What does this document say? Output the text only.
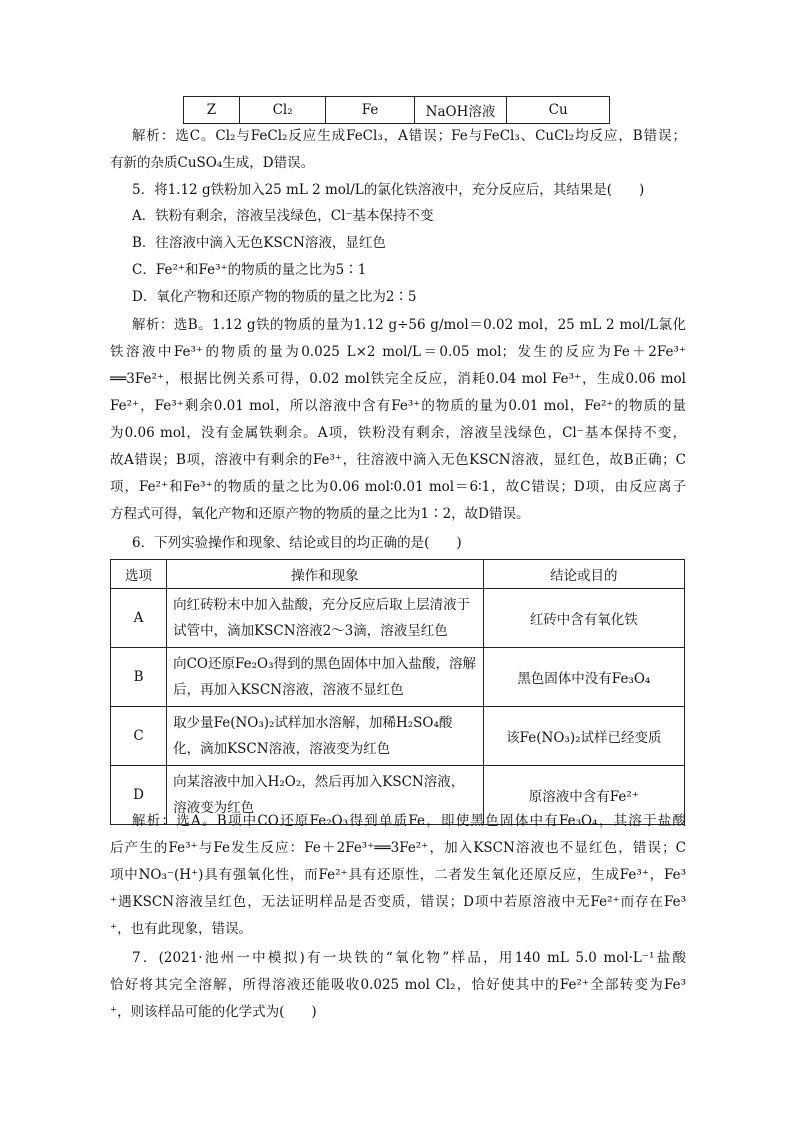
Z	Cl₂	Fe	NaOH溶液	Cu
解析：选C。Cl₂与FeCl₂反应生成FeCl₃，A错误；Fe与FeCl₃、CuCl₂均反应，B错误；
有新的杂质CuSO₄生成，D错误。
5．将1.12 g铁粉加入25 mL 2 mol/L的氯化铁溶液中，充分反应后，其结果是(　　)
A．铁粉有剩余，溶液呈浅绿色，Cl⁻基本保持不变
B．往溶液中滴入无色KSCN溶液，显红色
C．Fe²⁺和Fe³⁺的物质的量之比为5∶1
D．氧化产物和还原产物的物质的量之比为2∶5
解析：选B。1.12 g铁的物质的量为1.12 g÷56 g/mol＝0.02 mol，25 mL 2 mol/L氯化
铁溶液中Fe³⁺的物质的量为0.025 L×2 mol/L＝0.05 mol；发生的反应为Fe＋2Fe³⁺
══3Fe²⁺，根据比例关系可得，0.02 mol铁完全反应，消耗0.04 mol Fe³⁺，生成0.06 mol
Fe²⁺，Fe³⁺剩余0.01 mol，所以溶液中含有Fe³⁺的物质的量为0.01 mol，Fe²⁺的物质的量
为0.06 mol，没有金属铁剩余。A项，铁粉没有剩余，溶液呈浅绿色，Cl⁻基本保持不变，
故A错误；B项，溶液中有剩余的Fe³⁺，往溶液中滴入无色KSCN溶液，显红色，故B正确；C
项，Fe²⁺和Fe³⁺的物质的量之比为0.06 mol∶0.01 mol＝6∶1，故C错误；D项，由反应离子
方程式可得，氧化产物和还原产物的物质的量之比为1∶2，故D错误。
6．下列实验操作和现象、结论或目的均正确的是(　　)
选项	操作和现象	结论或目的
A	向红砖粉末中加入盐酸，充分反应后取上层清液于试管中，滴加KSCN溶液2～3滴，溶液呈红色	红砖中含有氧化铁
B	向CO还原Fe₂O₃得到的黑色固体中加入盐酸，溶解后，再加入KSCN溶液，溶液不显红色	黑色固体中没有Fe₃O₄
C	取少量Fe(NO₃)₂试样加水溶解，加稀H₂SO₄酸化，滴加KSCN溶液，溶液变为红色	该Fe(NO₃)₂试样已经变质
D	向某溶液中加入H₂O₂，然后再加入KSCN溶液，溶液变为红色	原溶液中含有Fe²⁺
解析：选A。B项中CO还原Fe₂O₃得到单质Fe，即使黑色固体中有Fe₃O₄，其溶于盐酸
后产生的Fe³⁺与Fe发生反应：Fe＋2Fe³⁺══3Fe²⁺，加入KSCN溶液也不显红色，错误；C
项中NO₃⁻(H⁺)具有强氧化性，而Fe²⁺具有还原性，二者发生氧化还原反应，生成Fe³⁺，Fe³
⁺遇KSCN溶液呈红色，无法证明样品是否变质，错误；D项中若原溶液中无Fe²⁺而存在Fe³
⁺，也有此现象，错误。
7．(2021·池州一中模拟)有一块铁的“氧化物”样品，用140 mL 5.0 mol·L⁻¹盐酸
恰好将其完全溶解，所得溶液还能吸收0.025 mol Cl₂，恰好使其中的Fe²⁺全部转变为Fe³
⁺，则该样品可能的化学式为(　　)
